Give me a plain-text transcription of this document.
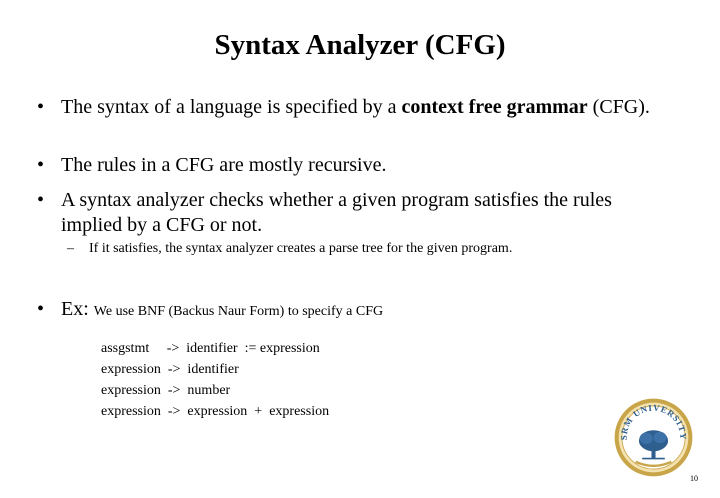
Syntax Analyzer (CFG)
• The syntax of a language is specified by a context free grammar (CFG).
• The rules in a CFG are mostly recursive.
• A syntax analyzer checks whether a given program satisfies the rules implied by a CFG or not.
– If it satisfies, the syntax analyzer creates a parse tree for the given program.
• Ex: We use BNF (Backus Naur Form) to specify a CFG
assgstmt     ->  identifier  := expression
expression  ->  identifier
expression  ->  number
expression  ->  expression  +  expression
SRM UNIVERSITY
10
